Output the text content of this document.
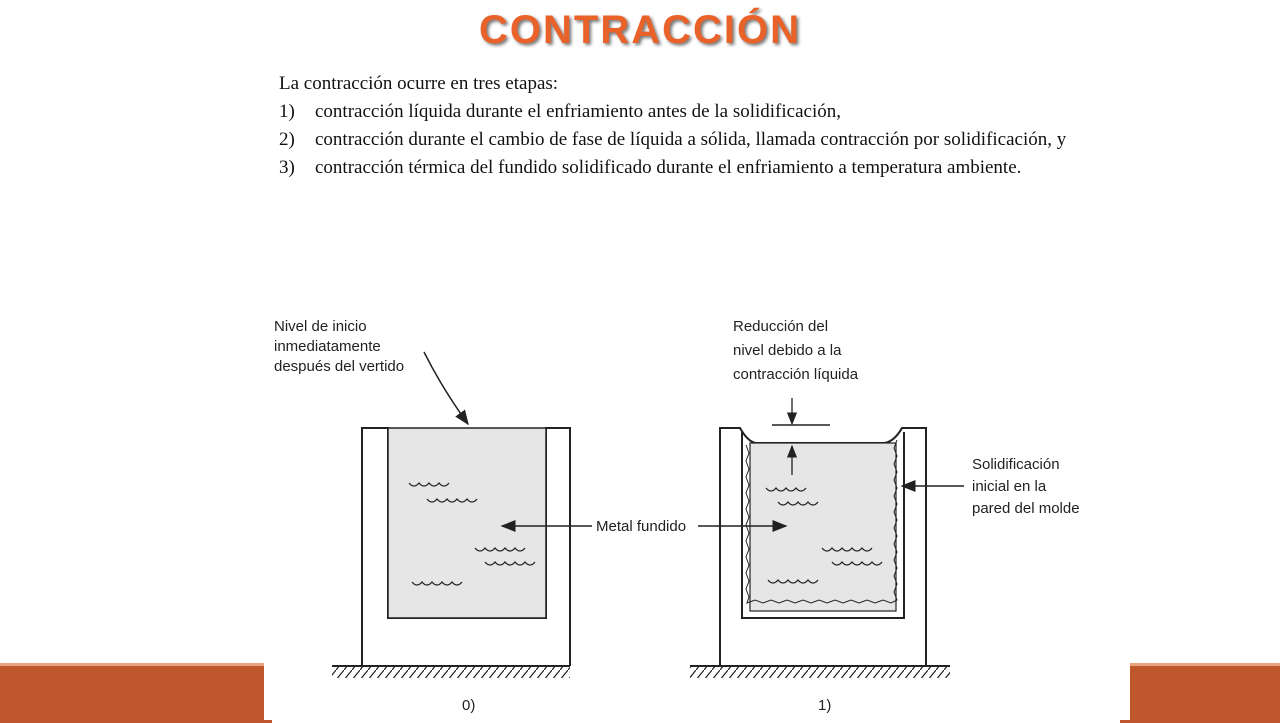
CONTRACCIÓN

La contracción ocurre en tres etapas:

1) contracción líquida durante el enfriamiento antes de la solidificación,
2) contracción durante el cambio de fase de líquida a sólida, llamada contracción por solidificación, y
3) contracción térmica del fundido solidificado durante el enfriamiento a temperatura ambiente.
Nivel de inicio inmediatamente después del vertido
Reducción del nivel debido a la contracción líquida
Solidificación inicial en la pared del molde
Metal fundido
0)	1)
